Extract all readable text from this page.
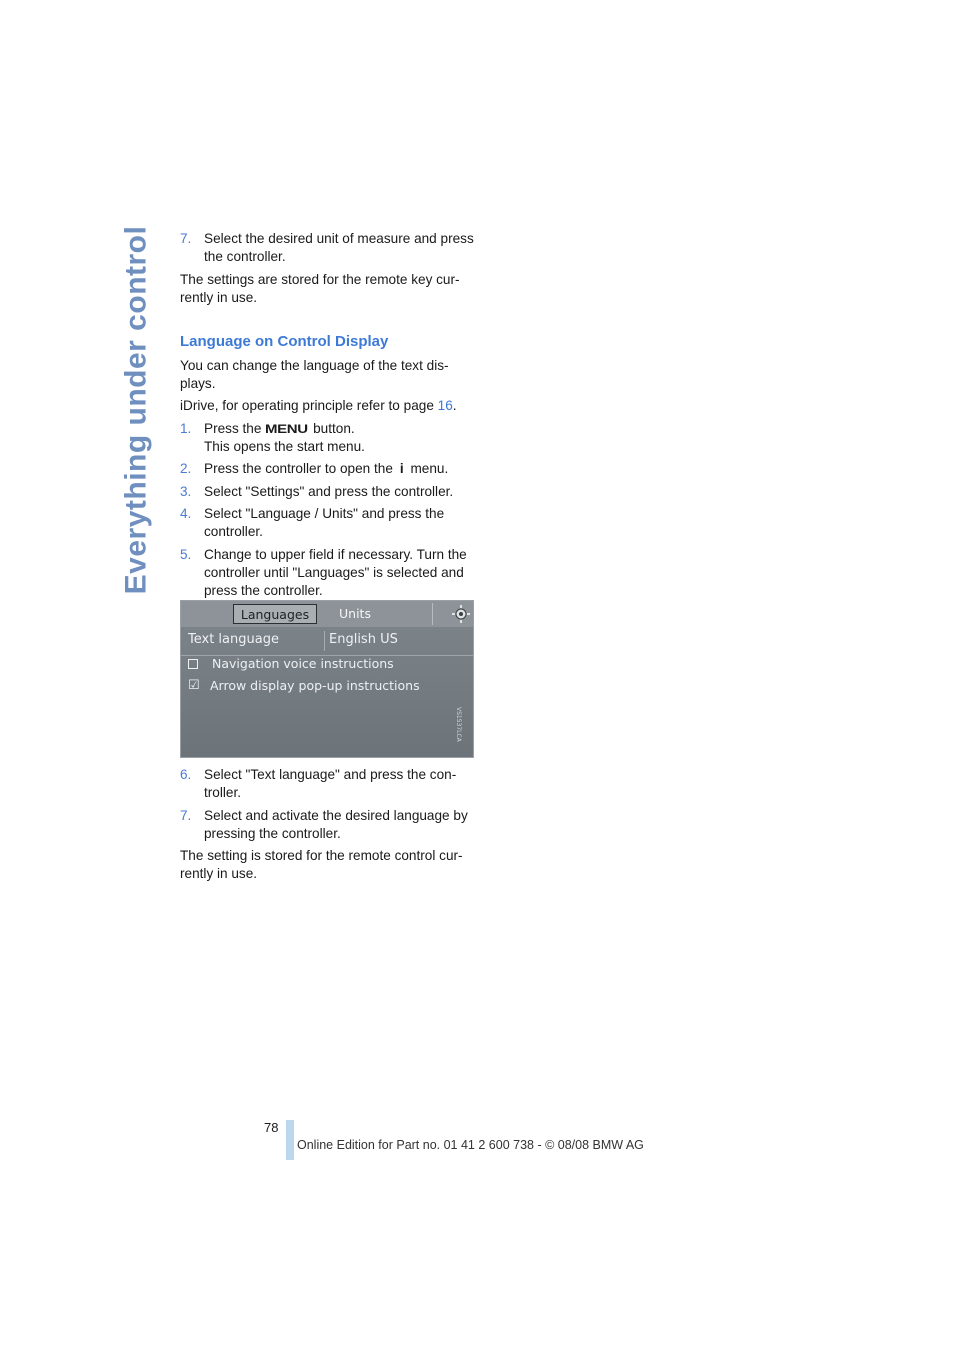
Everything under control 7. Select the desired unit of measure and press the controller.

The settings are stored for the remote key cur-rently in use.

Language on Control Display

You can change the language of the text dis-plays.

iDrive, for operating principle refer to page 16.

1. Press the MENU button.
This opens the start menu.
2. Press the controller to open the i menu.
3. Select "Settings" and press the controller.
4. Select "Language / Units" and press the controller.
5. Change to upper field if necessary. Turn the controller until "Languages" is selected and press the controller.
Languages	Units
Text language	English US
Navigation voice instructions
☑ Arrow display pop-up instructions
VS1537LCA
6. Select "Text language" and press the con-troller.
7. Select and activate the desired language by pressing the controller.

The setting is stored for the remote control cur-rently in use.

78
Online Edition for Part no. 01 41 2 600 738 - © 08/08 BMW AG
